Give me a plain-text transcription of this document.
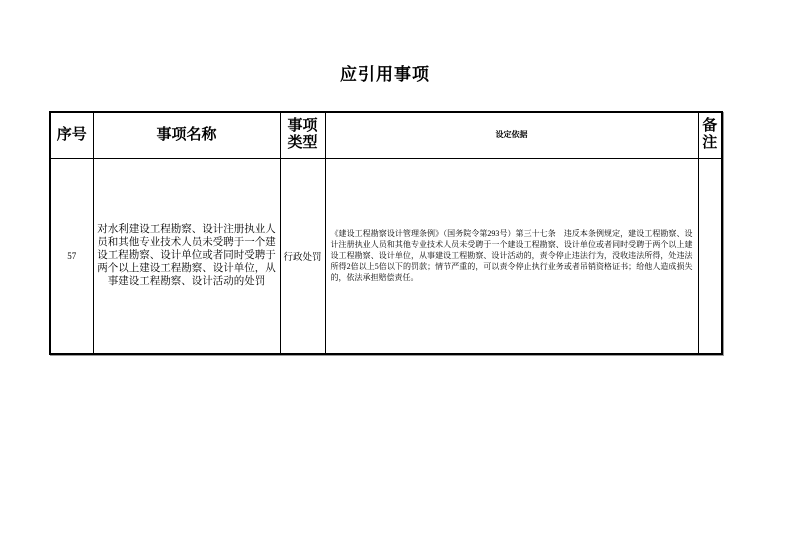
应引用事项
序号	事项名称	事项类型	设定依据	备注
57	对水利建设工程勘察、设计注册执业人员和其他专业技术人员未受聘于一个建设工程勘察、设计单位或者同时受聘于两个以上建设工程勘察、设计单位，从事建设工程勘察、设计活动的处罚	行政处罚	《建设工程勘察设计管理条例》（国务院令第293号）第三十七条　违反本条例规定，建设工程勘察、设计注册执业人员和其他专业技术人员未受聘于一个建设工程勘察、设计单位或者同时受聘于两个以上建设工程勘察、设计单位，从事建设工程勘察、设计活动的，责令停止违法行为，没收违法所得，处违法所得2倍以上5倍以下的罚款；情节严重的，可以责令停止执行业务或者吊销资格证书；给他人造成损失的，依法承担赔偿责任。	
